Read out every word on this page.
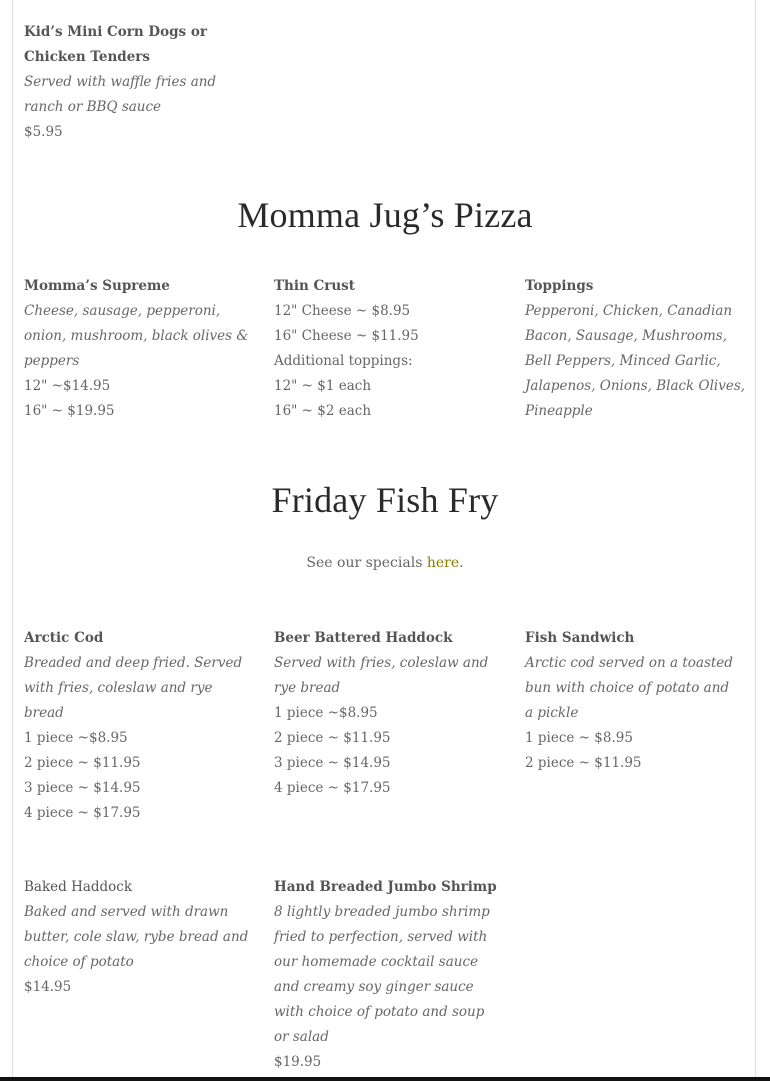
Kid’s Mini Corn Dogs or Chicken Tenders
Served with waffle fries and ranch or BBQ sauce
$5.95
Momma Jug’s Pizza
Momma’s Supreme
Cheese, sausage, pepperoni, onion, mushroom, black olives & peppers
12" ~$14.95
16" ~ $19.95
Thin Crust
12" Cheese ~ $8.95
16" Cheese ~ $11.95
Additional toppings:
12" ~ $1 each
16" ~ $2 each
Toppings
Pepperoni, Chicken, Canadian Bacon, Sausage, Mushrooms, Bell Peppers, Minced Garlic, Jalapenos, Onions, Black Olives, Pineapple
Friday Fish Fry
See our specials here.
Arctic Cod
Breaded and deep fried. Served with fries, coleslaw and rye bread
1 piece ~$8.95
2 piece ~ $11.95
3 piece ~ $14.95
4 piece ~ $17.95
Beer Battered Haddock
Served with fries, coleslaw and rye bread
1 piece ~$8.95
2 piece ~ $11.95
3 piece ~ $14.95
4 piece ~ $17.95
Fish Sandwich
Arctic cod served on a toasted bun with choice of potato and a pickle
1 piece ~ $8.95
2 piece ~ $11.95
Baked Haddock
Baked and served with drawn butter, cole slaw, rybe bread and choice of potato
$14.95
Hand Breaded Jumbo Shrimp
8 lightly breaded jumbo shrimp fried to perfection, served with our homemade cocktail sauce and creamy soy ginger sauce with choice of potato and soup or salad
$19.95
